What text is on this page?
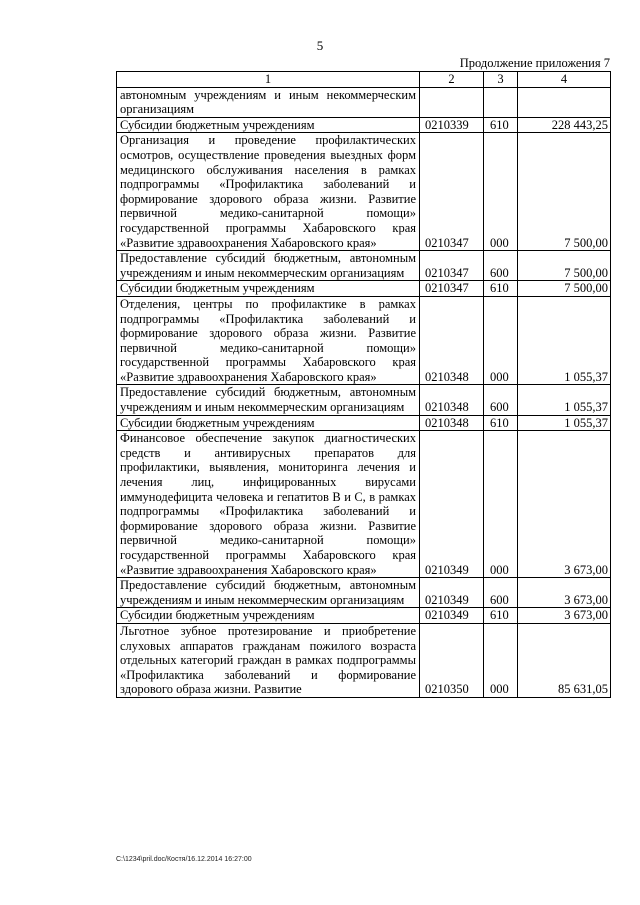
5
Продолжение приложения 7
1	2	3	4
автономным учреждениям и иным некоммерческим организациям			
Субсидии бюджетным учреждениям	0210339	610	228 443,25
Организация и проведение профилактических осмотров, осуществление проведения выездных форм медицинского обслуживания населения в рамках подпрограммы «Профилактика заболеваний и формирование здорового образа жизни. Развитие первичной медико-санитарной помощи» государственной программы Хабаровского края «Развитие здравоохранения Хабаровского края»	0210347	000	7 500,00
Предоставление субсидий бюджетным, автономным учреждениям и иным некоммерческим организациям	0210347	600	7 500,00
Субсидии бюджетным учреждениям	0210347	610	7 500,00
Отделения, центры по профилактике в рамках подпрограммы «Профилактика заболеваний и формирование здорового образа жизни. Развитие первичной медико-санитарной помощи» государственной программы Хабаровского края «Развитие здравоохранения Хабаровского края»	0210348	000	1 055,37
Предоставление субсидий бюджетным, автономным учреждениям и иным некоммерческим организациям	0210348	600	1 055,37
Субсидии бюджетным учреждениям	0210348	610	1 055,37
Финансовое обеспечение закупок диагностических средств и антивирусных препаратов для профилактики, выявления, мониторинга лечения и лечения лиц, инфицированных вирусами иммунодефицита человека и гепатитов В и С, в рамках подпрограммы «Профилактика заболеваний и формирование здорового образа жизни. Развитие первичной медико-санитарной помощи» государственной программы Хабаровского края «Развитие здравоохранения Хабаровского края»	0210349	000	3 673,00
Предоставление субсидий бюджетным, автономным учреждениям и иным некоммерческим организациям	0210349	600	3 673,00
Субсидии бюджетным учреждениям	0210349	610	3 673,00
Льготное зубное протезирование и приобретение слуховых аппаратов гражданам пожилого возраста отдельных категорий граждан в рамках подпрограммы «Профилактика заболеваний и формирование здорового образа жизни. Развитие	0210350	000	85 631,05
C:\1234\pril.doc/Костя/16.12.2014 16:27:00
